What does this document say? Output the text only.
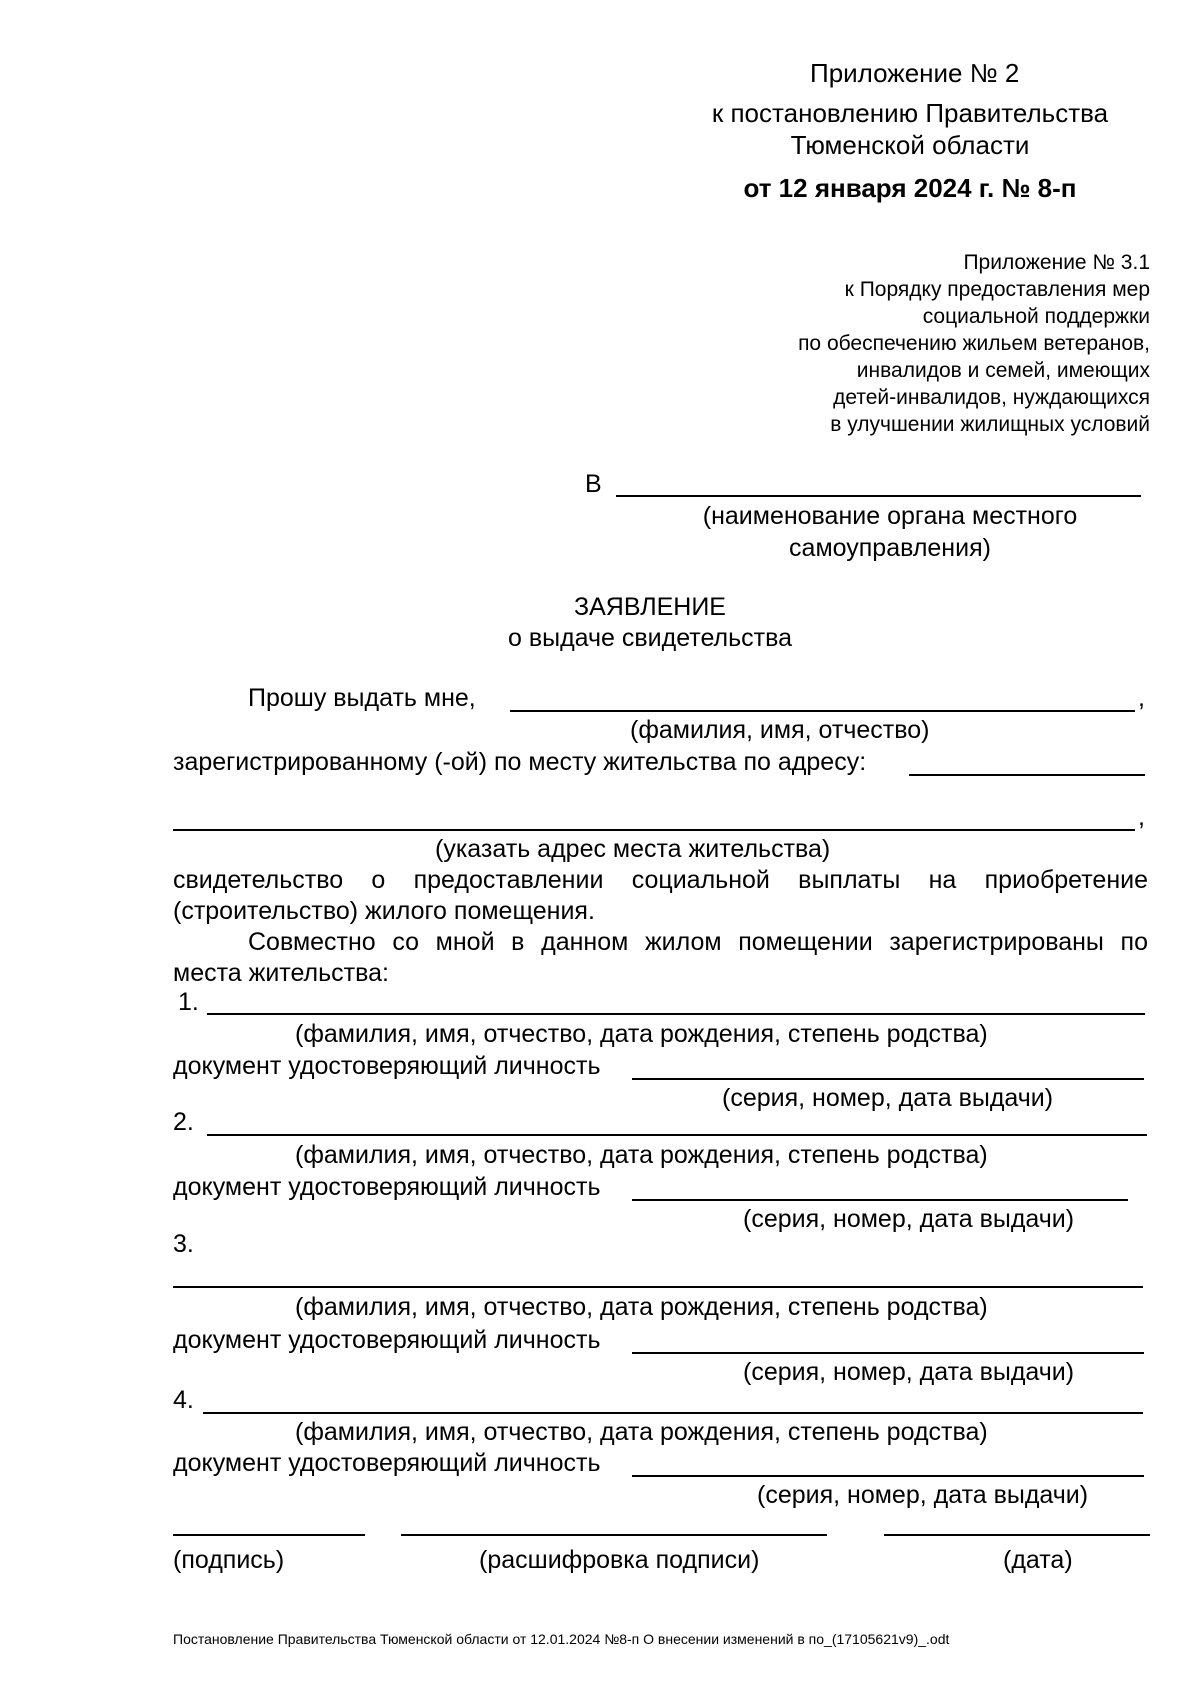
Приложение № 2
к постановлению Правительства
Тюменской области
от 12 января 2024 г. № 8-п
Приложение № 3.1
к Порядку предоставления мер
социальной поддержки
по обеспечению жильем ветеранов,
инвалидов и семей, имеющих
детей-инвалидов, нуждающихся
в улучшении жилищных условий
В
(наименование органа местного
самоуправления)
ЗАЯВЛЕНИЕ
о выдаче свидетельства
Прошу выдать мне,	,
(фамилия, имя, отчество)
зарегистрированному (-ой) по месту жительства по адресу:
,
(указать адрес места жительства)
свидетельство о предоставлении социальной выплаты на приобретение
(строительство) жилого помещения.
Совместно со мной в данном жилом помещении зарегистрированы по
места жительства:
1.
(фамилия, имя, отчество, дата рождения, степень родства)
документ удостоверяющий личность
(серия, номер, дата выдачи)
2.
(фамилия, имя, отчество, дата рождения, степень родства)
документ удостоверяющий личность
(серия, номер, дата выдачи)
3.
(фамилия, имя, отчество, дата рождения, степень родства)
документ удостоверяющий личность
(серия, номер, дата выдачи)
4.
(фамилия, имя, отчество, дата рождения, степень родства)
документ удостоверяющий личность
(серия, номер, дата выдачи)
(подпись)	(расшифровка подписи)	(дата)
Постановление Правительства Тюменской области от 12.01.2024 №8-п О внесении изменений в по_(17105621v9)_.odt
